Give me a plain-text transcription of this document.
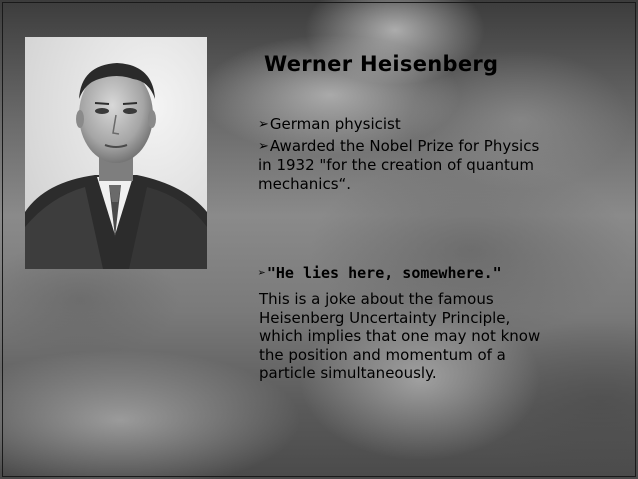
Werner Heisenberg
➢German physicist
➢Awarded the Nobel Prize for Physics
in 1932 "for the creation of quantum
mechanics“.
➢"He lies here, somewhere."
This is a joke about the famous
Heisenberg Uncertainty Principle,
which implies that one may not know
the position and momentum of a
particle simultaneously.
